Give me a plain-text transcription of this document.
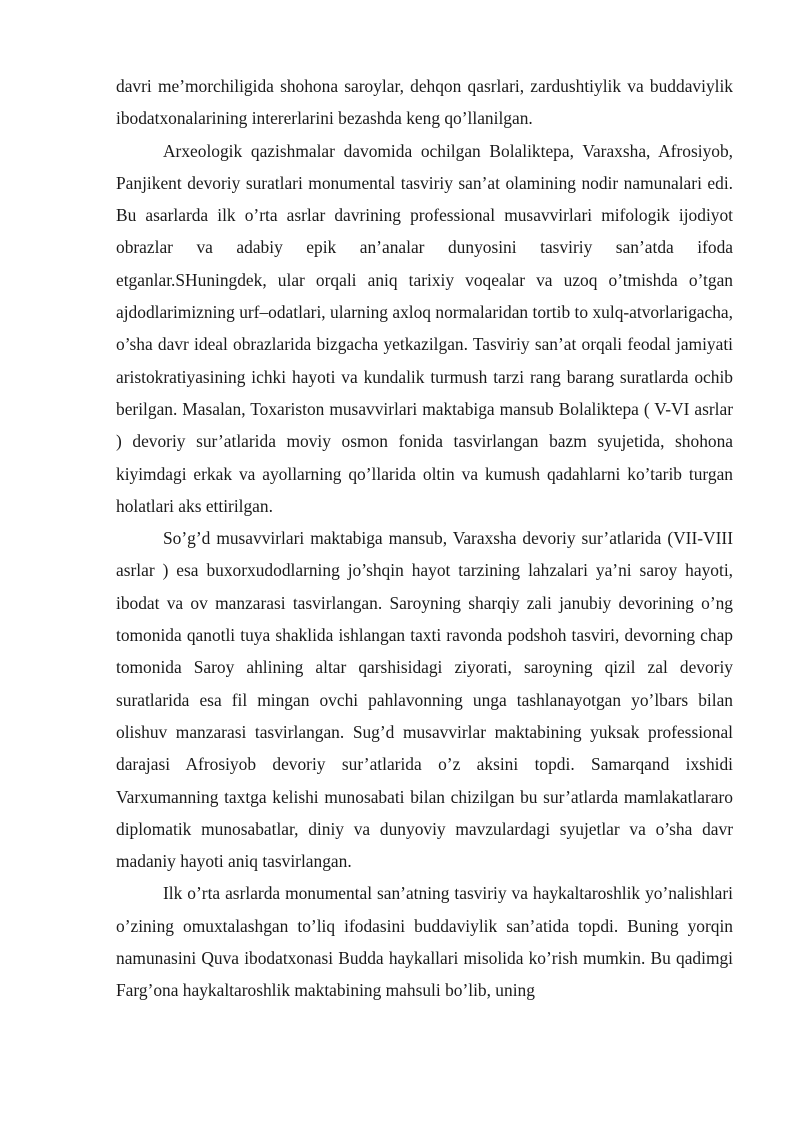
davri me’morchiligida shohona saroylar, dehqon qasrlari, zardushtiylik va buddaviylik ibodatxonalarining intererlarini bezashda keng qo’llanilgan.

Arxeologik qazishmalar davomida ochilgan Bolaliktepa, Varaxsha, Afrosiyob, Panjikent devoriy suratlari monumental tasviriy san’at olamining nodir namunalari edi. Bu asarlarda ilk o’rta asrlar davrining professional musavvirlari mifologik ijodiyot obrazlar va adabiy epik an’analar dunyosini tasviriy san’atda ifoda etganlar.SHuningdek, ular orqali aniq tarixiy voqealar va uzoq o’tmishda o’tgan ajdodlarimizning urf–odatlari, ularning axloq normalaridan tortib to xulq-atvorlarigacha, o’sha davr ideal obrazlarida bizgacha yetkazilgan. Tasviriy san’at orqali feodal jamiyati aristokratiyasining ichki hayoti va kundalik turmush tarzi rang barang suratlarda ochib berilgan. Masalan, Toxariston musavvirlari maktabiga mansub Bolaliktepa ( V-VI asrlar ) devoriy sur’atlarida moviy osmon fonida tasvirlangan bazm syujetida, shohona kiyimdagi erkak va ayollarning qo’llarida oltin va kumush qadahlarni ko’tarib turgan holatlari aks ettirilgan.

So’g’d musavvirlari maktabiga mansub, Varaxsha devoriy sur’atlarida (VII-VIII asrlar ) esa buxorxudodlarning jo’shqin hayot tarzining lahzalari ya’ni saroy hayoti, ibodat va ov manzarasi tasvirlangan. Saroyning sharqiy zali janubiy devorining o’ng tomonida qanotli tuya shaklida ishlangan taxti ravonda podshoh tasviri, devorning chap tomonida Saroy ahlining altar qarshisidagi ziyorati, saroyning qizil zal devoriy suratlarida esa fil mingan ovchi pahlavonning unga tashlanayotgan yo’lbars bilan olishuv manzarasi tasvirlangan. Sug’d musavvirlar maktabining yuksak professional darajasi Afrosiyob devoriy sur’atlarida o’z aksini topdi. Samarqand ixshidi Varxumanning taxtga kelishi munosabati bilan chizilgan bu sur’atlarda mamlakatlararo diplomatik munosabatlar, diniy va dunyoviy mavzulardagi syujetlar va o’sha davr madaniy hayoti aniq tasvirlangan.

Ilk o’rta asrlarda monumental san’atning tasviriy va haykaltaroshlik yo’nalishlari o’zining omuxtalashgan to’liq ifodasini buddaviylik san’atida topdi. Buning yorqin namunasini Quva ibodatxonasi Budda haykallari misolida ko’rish mumkin. Bu qadimgi Farg’ona haykaltaroshlik maktabining mahsuli bo’lib, uning
